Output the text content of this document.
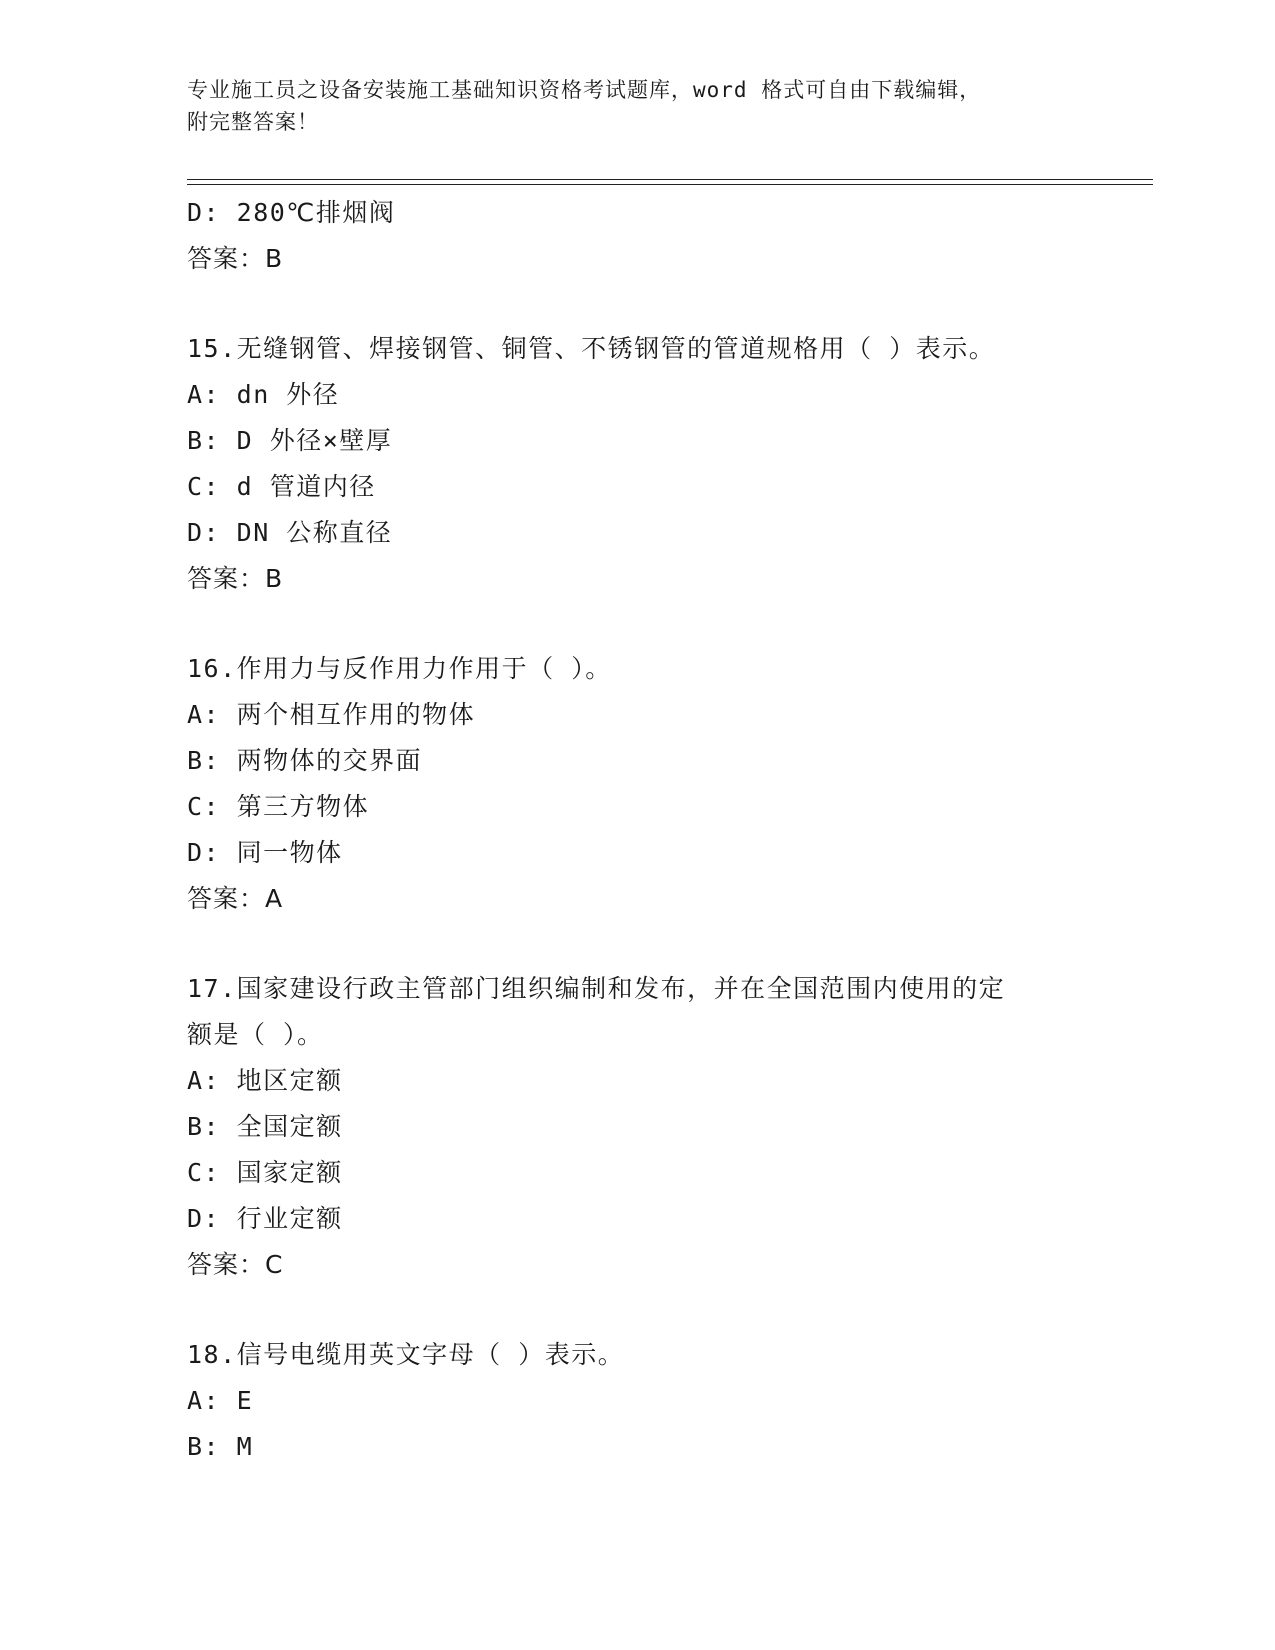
专业施工员之设备安装施工基础知识资格考试题库，word 格式可自由下载编辑，
附完整答案！
D: 280℃排烟阀
答案：B
15.无缝钢管、焊接钢管、铜管、不锈钢管的管道规格用（ ）表示。
A: dn 外径
B: D 外径×壁厚
C: d 管道内径
D: DN 公称直径
答案：B
16.作用力与反作用力作用于（ ）。
A: 两个相互作用的物体
B: 两物体的交界面
C: 第三方物体
D: 同一物体
答案：A
17.国家建设行政主管部门组织编制和发布，并在全国范围内使用的定
额是（ ）。
A: 地区定额
B: 全国定额
C: 国家定额
D: 行业定额
答案：C
18.信号电缆用英文字母（ ）表示。
A: E
B: M
